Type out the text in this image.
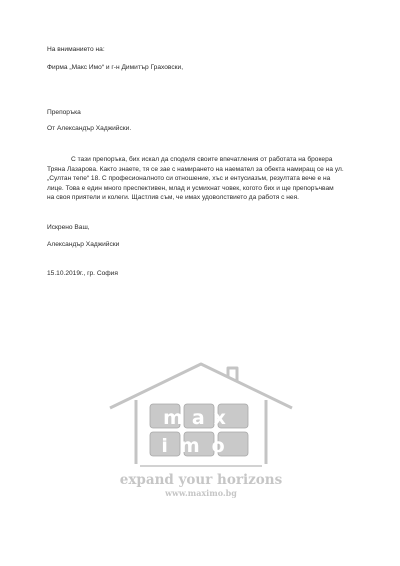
На вниманието на:
Фирма „Макс Имо“ и г-н Димитър Граховски,
Препоръка
От Александър Хаджийски.
С тази препоръка, бих искал да споделя своите впечатления от работата на брокера
Тряна Лазарова. Както знаете, тя се зае с намирането на наемател за обекта намиращ се на ул.
„Султан тепе“ 18. С професионалното си отношение, хъс и ентусиазъм, резултата вече е на
лице. Това е един много преспективен, млад и усмихнат човек, когото бих и ще препоръчвам
на своя приятели и колеги. Щастлив съм, че имах удоволствието да работя с нея.
Искрено Ваш,
Александър Хаджийски
15.10.2019г., гр. София
max
imo
expand your horizons
www.maximo.bg
